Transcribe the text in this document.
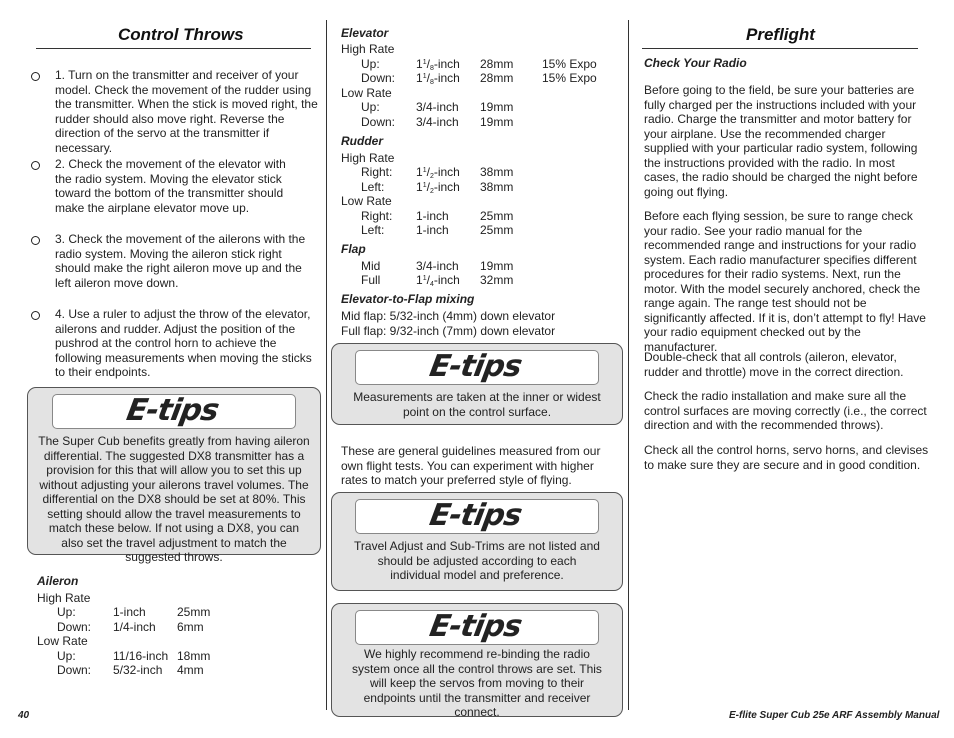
Control Throws
1. Turn on the transmitter and receiver of your model. Check the movement of the rudder using the transmitter. When the stick is moved right, the rudder should also move right. Reverse the direction of the servo at the transmitter if necessary.
2. Check the movement of the elevator with the radio system. Moving the elevator stick toward the bottom of the transmitter should make the airplane elevator move up.
3. Check the movement of the ailerons with the radio system. Moving the aileron stick right should make the right aileron move up and the left aileron move down.
4. Use a ruler to adjust the throw of the elevator, ailerons and rudder. Adjust the position of the pushrod at the control horn to achieve the following measurements when moving the sticks to their endpoints.
E-tips
The Super Cub benefits greatly from having aileron differential. The suggested DX8 transmitter has a provision for this that will allow you to set this up without adjusting your ailerons travel volumes. The differential on the DX8 should be set at 80%. This setting should allow the travel measurements to match these below. If not using a DX8, you can also set the travel adjustment to match the suggested throws.
Aileron
High Rate
Up:	1-inch	25mm
Down: 1/4-inch 6mm
Low Rate
Up:	11/16-inch 18mm
Down: 5/32-inch 4mm
Elevator
High Rate
Up:	$1^1/_8$-inch 28mm 15% Expo
Down: $1^1/_8$-inch 28mm 15% Expo
Low Rate
Up:	3/4-inch 19mm
Down: 3/4-inch 19mm
Rudder
High Rate
Right: $1^1/_2$-inch 38mm
Left:	$1^1/_2$-inch 38mm
Low Rate
Right: 1-inch	25mm
Left:	1-inch	25mm
Flap
Mid	3/4-inch 19mm
Full	$1^1/_4$-inch 32mm
Elevator-to-Flap mixing
Mid flap: 5/32-inch (4mm) down elevator
Full flap: 9/32-inch (7mm) down elevator
E-tips
Measurements are taken at the inner or widest point on the control surface.
These are general guidelines measured from our own flight tests. You can experiment with higher rates to match your preferred style of flying.
E-tips
Travel Adjust and Sub-Trims are not listed and should be adjusted according to each individual model and preference.
E-tips
We highly recommend re-binding the radio system once all the control throws are set. This will keep the servos from moving to their endpoints until the transmitter and receiver connect.
Preflight
Check Your Radio
Before going to the field, be sure your batteries are fully charged per the instructions included with your radio. Charge the transmitter and motor battery for your airplane. Use the recommended charger supplied with your particular radio system, following the instructions provided with the radio. In most cases, the radio should be charged the night before going out flying.
Before each flying session, be sure to range check your radio. See your radio manual for the recommended range and instructions for your radio system. Each radio manufacturer specifies different procedures for their radio systems. Next, run the motor. With the model securely anchored, check the range again. The range test should not be significantly affected. If it is, don’t attempt to fly! Have your radio equipment checked out by the manufacturer.
Double-check that all controls (aileron, elevator, rudder and throttle) move in the correct direction.
Check the radio installation and make sure all the control surfaces are moving correctly (i.e., the correct direction and with the recommended throws).
Check all the control horns, servo horns, and clevises to make sure they are secure and in good condition.
40	E-flite Super Cub 25e ARF Assembly Manual
